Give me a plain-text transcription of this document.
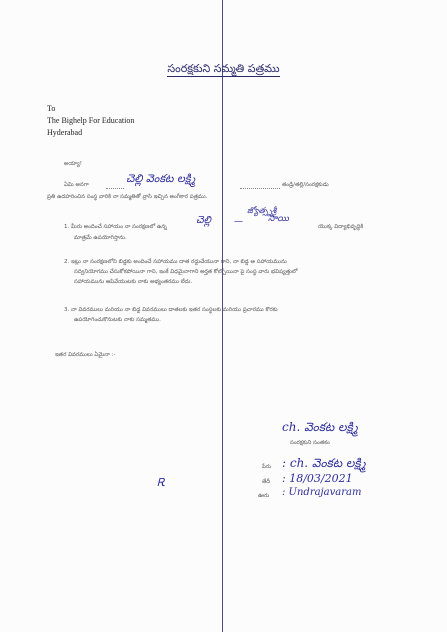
సంరక్షకుని సమ్మతి పత్రము
To
The Bighelp For Education
Hyderabad
అయ్యా!
ఏమి అనగా	చెల్లి వెంకట లక్ష్మి	తండ్రి/తల్లి/సంరక్షకుడు
ప్రతి ఉదహరించిన సంస్థ వారికి నా సమ్మతితో వ్రాసి ఇచ్చిన అంగీకార పత్రము.
జ్యోత్స్నశ్రీ
1. మీరు అందించే సహాయం నా సంరక్షణలో ఉన్న
చెల్లి	—	సాయి
యొక్క విద్యాభివృద్ధికి
మాత్రమే ఉపయోగిస్తాను.
2. ఇట్లు నా సంరక్షణలోని బిడ్డకు అందించే సహాయము దాత రద్దుచేయునా గాని, నా బిడ్డ ఆ సహాయమును
సద్వినియోగము చేసుకోకపోయినా గాని, ఇంకే విధమైనాగాని అర్హత కోల్పోయినా పై సంస్థ వారు భవిష్యత్తులో
సహాయమును ఆపివేయుటకు నాకు అభ్యంతరము లేదు.
3. నా వివరములు మరియు నా బిడ్డ వివరములు దాతలకు ఇతర సంస్థలకు మరియు ప్రచారము కొరకు
ఉపయోగించుకొనుటకు నాకు సమ్మతము.
ఇతర వివరములు ఏమైనా :-
ch. వెంకట లక్ష్మి
సంరక్షకుని సంతకం
పేరు : ch. వెంకట లక్ష్మి
తేదీ : 18/03/2021
ఊరు : Undrajavaram
Ꭱ
